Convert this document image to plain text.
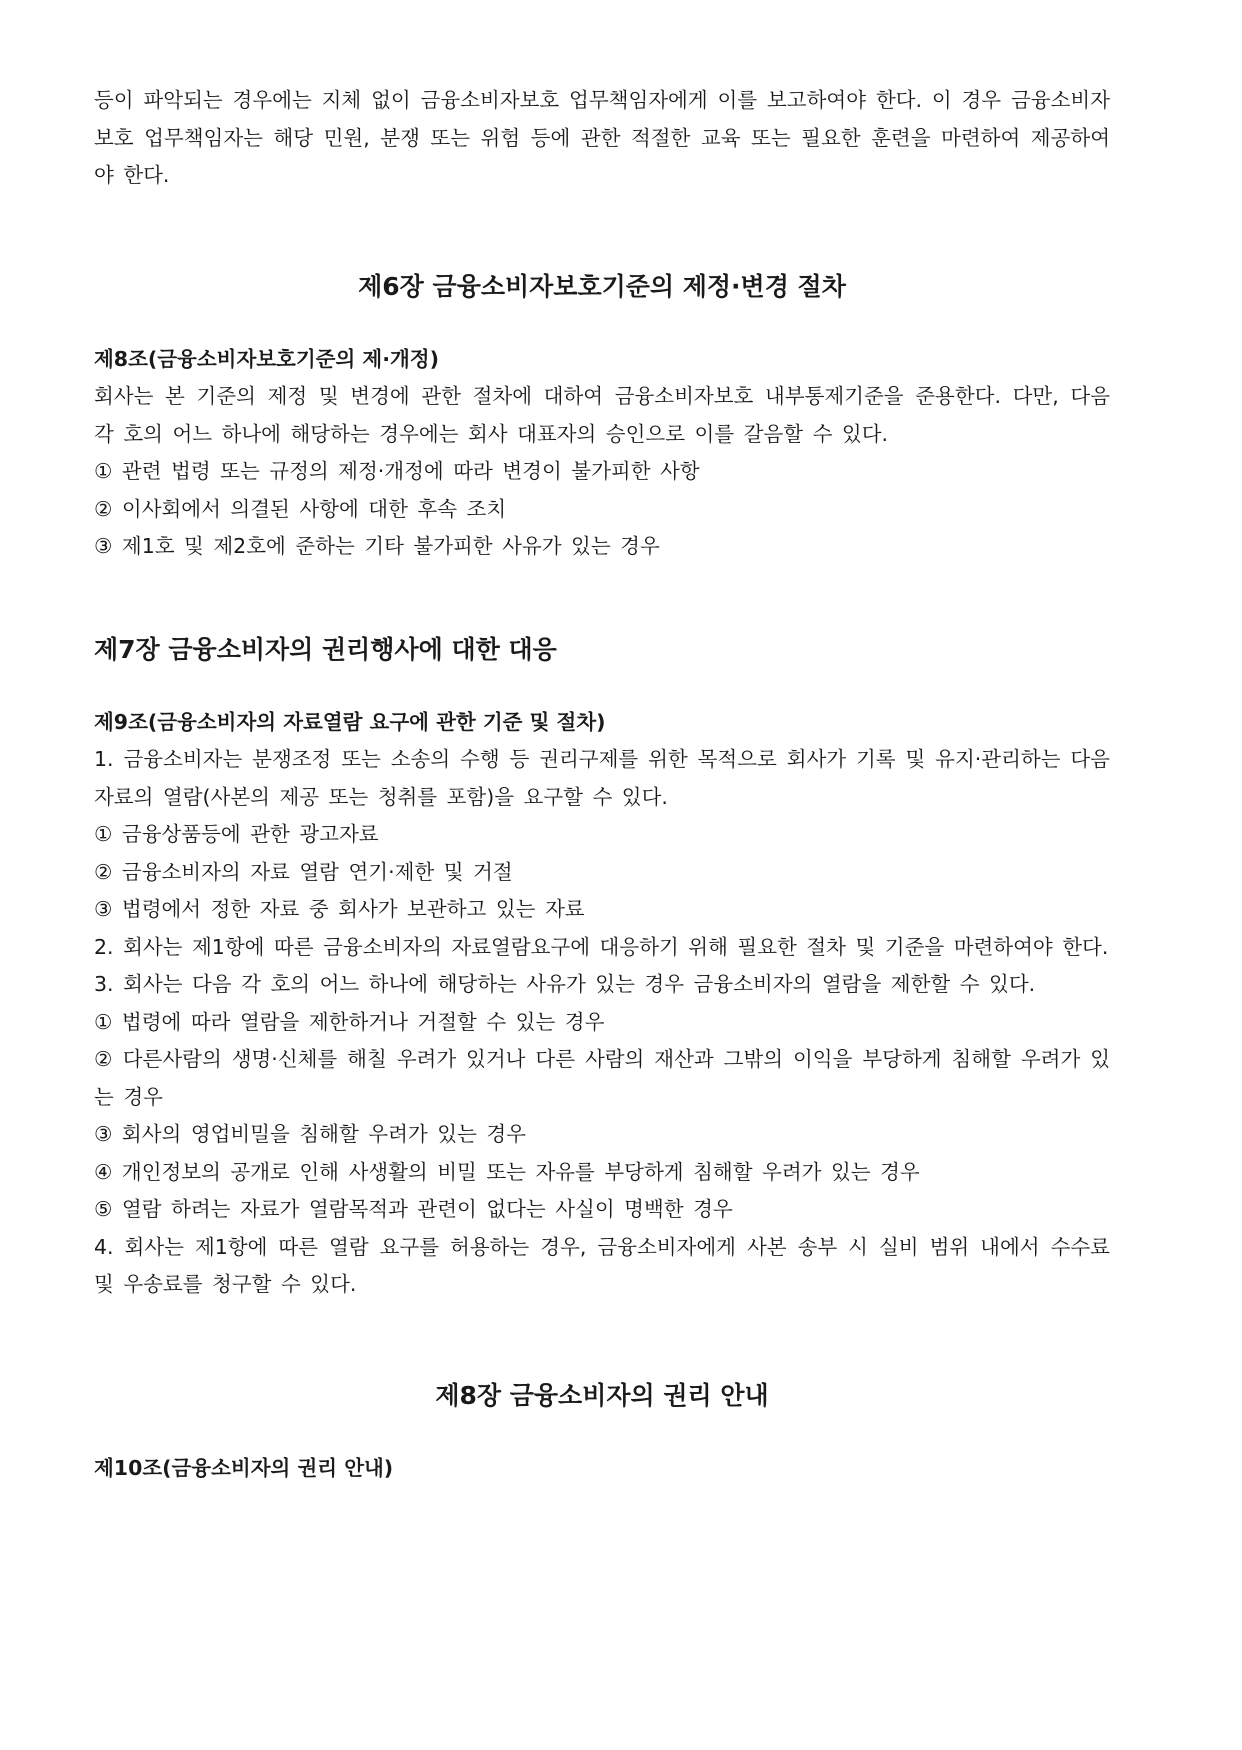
등이 파악되는 경우에는 지체 없이 금융소비자보호 업무책임자에게 이를 보고하여야 한다. 이 경우 금융소비자보호 업무책임자는 해당 민원, 분쟁 또는 위험 등에 관한 적절한 교육 또는 필요한 훈련을 마련하여 제공하여야 한다.

제6장 금융소비자보호기준의 제정·변경 절차
제8조(금융소비자보호기준의 제·개정)

회사는 본 기준의 제정 및 변경에 관한 절차에 대하여 금융소비자보호 내부통제기준을 준용한다. 다만, 다음 각 호의 어느 하나에 해당하는 경우에는 회사 대표자의 승인으로 이를 갈음할 수 있다.

① 관련 법령 또는 규정의 제정·개정에 따라 변경이 불가피한 사항
② 이사회에서 의결된 사항에 대한 후속 조치
③ 제1호 및 제2호에 준하는 기타 불가피한 사유가 있는 경우
제7장 금융소비자의 권리행사에 대한 대응
제9조(금융소비자의 자료열람 요구에 관한 기준 및 절차)

1. 금융소비자는 분쟁조정 또는 소송의 수행 등 권리구제를 위한 목적으로 회사가 기록 및 유지·관리하는 다음 자료의 열람(사본의 제공 또는 청취를 포함)을 요구할 수 있다.

① 금융상품등에 관한 광고자료
② 금융소비자의 자료 열람 연기·제한 및 거절
③ 법령에서 정한 자료 중 회사가 보관하고 있는 자료

2. 회사는 제1항에 따른 금융소비자의 자료열람요구에 대응하기 위해 필요한 절차 및 기준을 마련하여야 한다.

3. 회사는 다음 각 호의 어느 하나에 해당하는 사유가 있는 경우 금융소비자의 열람을 제한할 수 있다.

① 법령에 따라 열람을 제한하거나 거절할 수 있는 경우
② 다른사람의 생명·신체를 해칠 우려가 있거나 다른 사람의 재산과 그밖의 이익을 부당하게 침해할 우려가 있는 경우
③ 회사의 영업비밀을 침해할 우려가 있는 경우
④ 개인정보의 공개로 인해 사생활의 비밀 또는 자유를 부당하게 침해할 우려가 있는 경우
⑤ 열람 하려는 자료가 열람목적과 관련이 없다는 사실이 명백한 경우

4. 회사는 제1항에 따른 열람 요구를 허용하는 경우, 금융소비자에게 사본 송부 시 실비 범위 내에서 수수료 및 우송료를 청구할 수 있다.

제8장 금융소비자의 권리 안내
제10조(금융소비자의 권리 안내)
